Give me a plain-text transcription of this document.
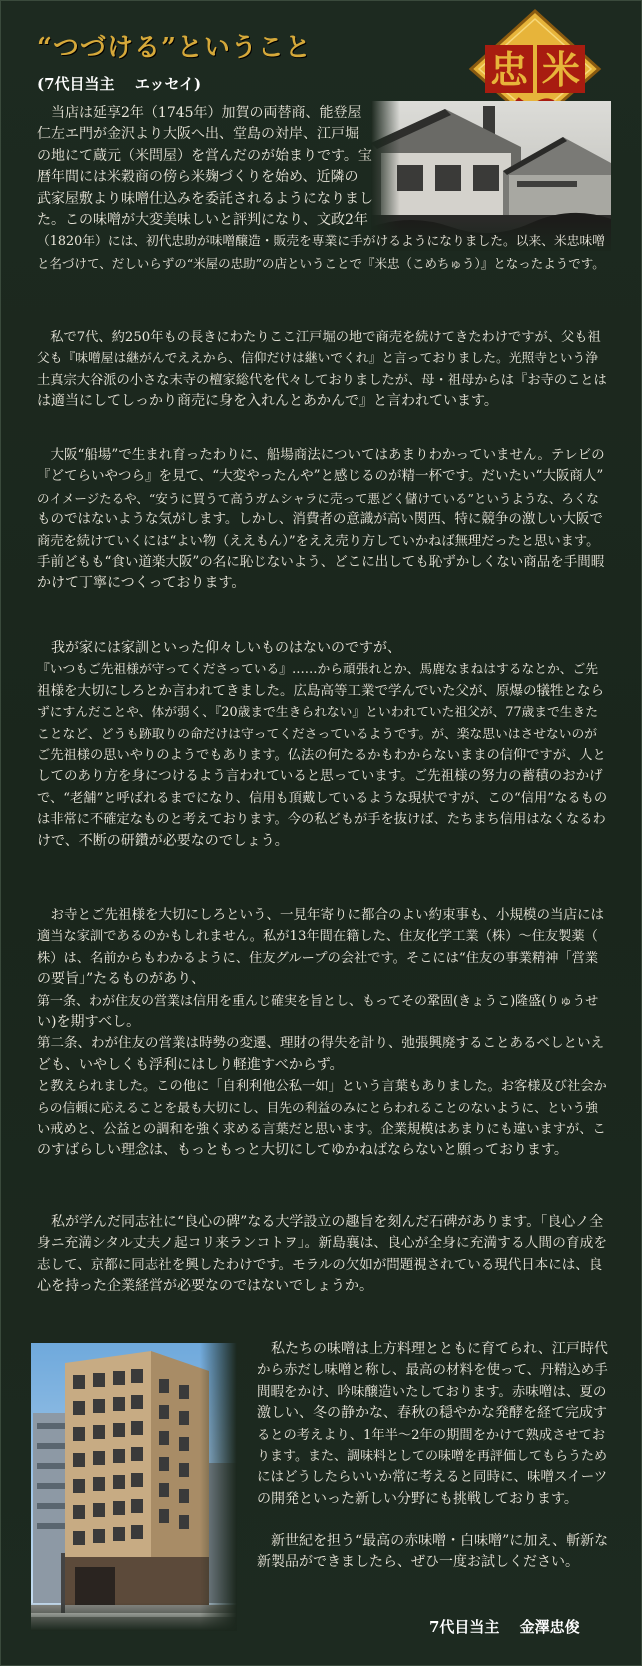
“つづける”ということ
(7代目当主　 エッセイ)	忠 米

　当店は延享2年（1745年）加賀の両替商、能登屋

仁左エ門が金沢より大阪へ出、堂島の対岸、江戸堀

の地にて蔵元（米問屋）を営んだのが始まりです。宝

暦年間には米穀商の傍ら米麹づくりを始め、近隣の

武家屋敷より味噌仕込みを委託されるようになりまし

た。この味噌が大変美味しいと評判になり、文政2年

（1820年）には、初代忠助が味噌醸造・販売を専業に手がけるようになりました。以来、米忠味噌

と名づけて、だしいらずの“米屋の忠助”の店ということで『米忠（こめちゅう）』となったようです。

　私で7代、約250年もの長きにわたりここ江戸堀の地で商売を続けてきたわけですが、父も祖

父も『味噌屋は継がんでええから、信仰だけは継いでくれ』と言っておりました。光照寺という浄

土真宗大谷派の小さな末寺の檀家総代を代々しておりましたが、母・祖母からは『お寺のことは

は適当にしてしっかり商売に身を入れんとあかんで』と言われています。

　大阪“船場”で生まれ育ったわりに、船場商法についてはあまりわかっていません。テレビの

『どてらいやつら』を見て、“大変やったんや”と感じるのが精一杯です。だいたい“大阪商人”

のイメージたるや、“安うに買うて高うガムシャラに売って悪どく儲けている”というような、ろくな

ものではないような気がします。しかし、消費者の意識が高い関西、特に競争の激しい大阪で

商売を続けていくには“よい物（ええもん）”をええ売り方していかねば無理だったと思います。

手前どもも“食い道楽大阪”の名に恥じないよう、どこに出しても恥ずかしくない商品を手間暇

かけて丁寧につくっております。

　我が家には家訓といった仰々しいものはないのですが、

『いつもご先祖様が守ってくださっている』……から頑張れとか、馬鹿なまねはするなとか、ご先

祖様を大切にしろとか言われてきました。広島高等工業で学んでいた父が、原爆の犠牲となら

ずにすんだことや、体が弱く、『20歳まで生きられない』といわれていた祖父が、77歳まで生きた

ことなど、どうも跡取りの命だけは守ってくださっているようです。が、楽な思いはさせないのが

ご先祖様の思いやりのようでもあります。仏法の何たるかもわからないままの信仰ですが、人と

してのあり方を身につけるよう言われていると思っています。ご先祖様の努力の蓄積のおかげ

で、“老舗”と呼ばれるまでになり、信用も頂戴しているような現状ですが、この“信用”なるもの

は非常に不確定なものと考えております。今の私どもが手を抜けば、たちまち信用はなくなるわ

けで、不断の研鑽が必要なのでしょう。

　お寺とご先祖様を大切にしろという、一見年寄りに都合のよい約束事も、小規模の当店には

適当な家訓であるのかもしれません。私が13年間在籍した、住友化学工業（株）～住友製薬（

株）は、名前からもわかるように、住友グループの会社です。そこには“住友の事業精神「営業

の要旨」”たるものがあり、

第一条、わが住友の営業は信用を重んじ確実を旨とし、もってその鞏固(きょうこ)隆盛(りゅうせ

い)を期すべし。

第二条、わが住友の営業は時勢の変遷、理財の得失を計り、弛張興廃することあるべしといえ

ども、いやしくも浮利にはしり軽進すべからず。

と教えられました。この他に「自利利他公私一如」という言葉もありました。お客様及び社会か

らの信頼に応えることを最も大切にし、目先の利益のみにとらわれることのないように、という強

い戒めと、公益との調和を強く求める言葉だと思います。企業規模はあまりにも違いますが、こ

のすばらしい理念は、もっともっと大切にしてゆかねばならないと願っております。

　私が学んだ同志社に“良心の碑”なる大学設立の趣旨を刻んだ石碑があります。「良心ノ全

身ニ充満シタル丈夫ノ起コリ来ランコトヲ」。新島襄は、良心が全身に充満する人間の育成を

志して、京都に同志社を興したわけです。モラルの欠如が問題視されている現代日本には、良

心を持った企業経営が必要なのではないでしょうか。

　私たちの味噌は上方料理とともに育てられ、江戸時代

から赤だし味噌と称し、最高の材料を使って、丹精込め手

間暇をかけ、吟味醸造いたしております。赤味噌は、夏の

激しい、冬の静かな、春秋の穏やかな発酵を経て完成す

るとの考えより、1年半～2年の期間をかけて熟成させてお

ります。また、調味料としての味噌を再評価してもらうため

にはどうしたらいいか常に考えると同時に、味噌スイーツ

の開発といった新しい分野にも挑戦しております。

　新世紀を担う“最高の赤味噌・白味噌”に加え、斬新な

新製品ができましたら、ぜひ一度お試しください。

7代目当主　 金澤忠俊
